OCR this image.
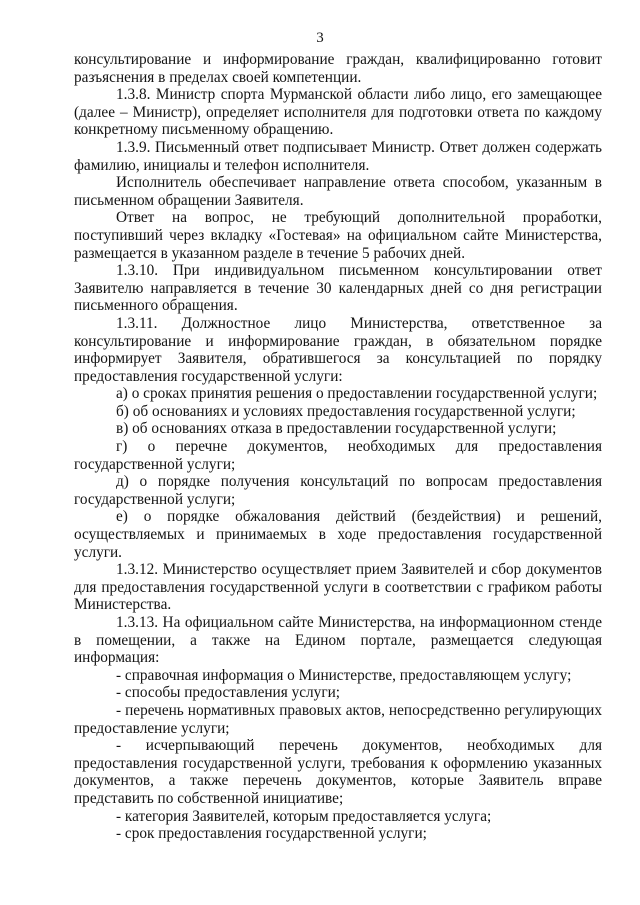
3

консультирование и информирование граждан, квалифицированно готовит разъяснения в пределах своей компетенции.

1.3.8. Министр спорта Мурманской области либо лицо, его замещающее (далее – Министр), определяет исполнителя для подготовки ответа по каждому конкретному письменному обращению.

1.3.9. Письменный ответ подписывает Министр. Ответ должен содержать фамилию, инициалы и телефон исполнителя.

Исполнитель обеспечивает направление ответа способом, указанным в письменном обращении Заявителя.

Ответ на вопрос, не требующий дополнительной проработки, поступивший через вкладку «Гостевая» на официальном сайте Министерства, размещается в указанном разделе в течение 5 рабочих дней.

1.3.10. При индивидуальном письменном консультировании ответ Заявителю направляется в течение 30 календарных дней со дня регистрации письменного обращения.

1.3.11. Должностное лицо Министерства, ответственное за консультирование и информирование граждан, в обязательном порядке информирует Заявителя, обратившегося за консультацией по порядку предоставления государственной услуги:

а) о сроках принятия решения о предоставлении государственной услуги;

б) об основаниях и условиях предоставления государственной услуги;

в) об основаниях отказа в предоставлении государственной услуги;

г) о перечне документов, необходимых для предоставления государственной услуги;

д) о порядке получения консультаций по вопросам предоставления государственной услуги;

е) о порядке обжалования действий (бездействия) и решений, осуществляемых и принимаемых в ходе предоставления государственной услуги.

1.3.12. Министерство осуществляет прием Заявителей и сбор документов для предоставления государственной услуги в соответствии с графиком работы Министерства.

1.3.13. На официальном сайте Министерства, на информационном стенде в помещении, а также на Едином портале, размещается следующая информация:

- справочная информация о Министерстве, предоставляющем услугу;

- способы предоставления услуги;

- перечень нормативных правовых актов, непосредственно регулирующих предоставление услуги;

- исчерпывающий перечень документов, необходимых для предоставления государственной услуги, требования к оформлению указанных документов, а также перечень документов, которые Заявитель вправе представить по собственной инициативе;

- категория Заявителей, которым предоставляется услуга;

- срок предоставления государственной услуги;
